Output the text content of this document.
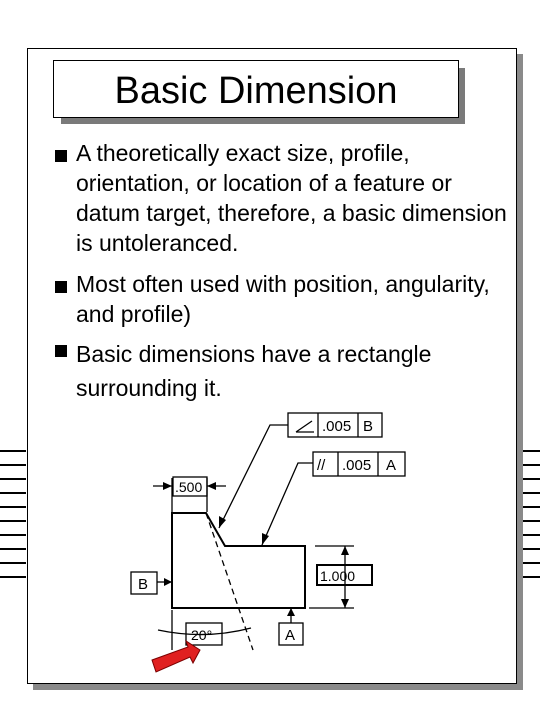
Basic Dimension
A theoretically exact size, profile, orientation, or location of a feature or datum target, therefore, a basic dimension is untoleranced.
Most often used with position, angularity, and profile)
Basic dimensions have a rectangle surrounding it.
.005 B
// .005 A
.500
1.000
20°
B
A
